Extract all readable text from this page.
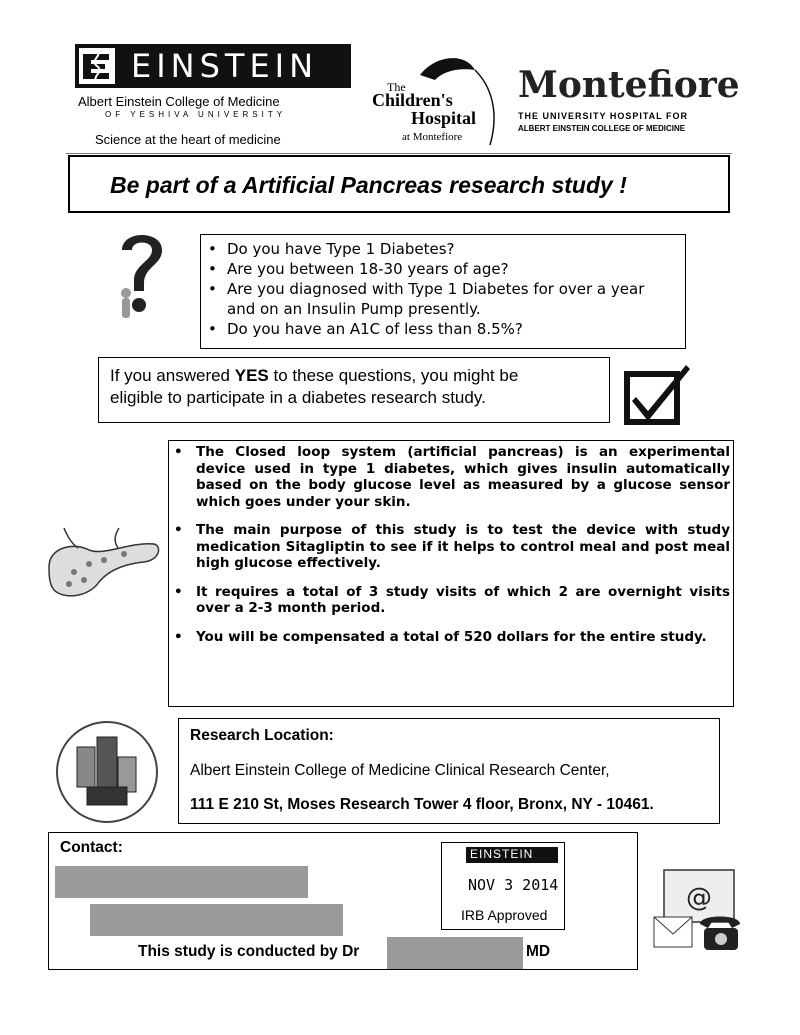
EINSTEIN
Albert Einstein College of Medicine
OF YESHIVA UNIVERSITY
Science at the heart of medicine
The
Children's
Hospital
at Montefiore
Montefiore
THE UNIVERSITY HOSPITAL FOR
ALBERT EINSTEIN COLLEGE OF MEDICINE
Be part of a Artificial Pancreas research study !
• Do you have Type 1 Diabetes?
• Are you between 18-30 years of age?
• Are you diagnosed with Type 1 Diabetes for over a year and on an Insulin Pump presently.
• Do you have an A1C of less than 8.5%?
If you answered YES to these questions, you might be
eligible to participate in a diabetes research study.
• The Closed loop system (artificial pancreas) is an experimental device used in type 1 diabetes, which gives insulin automatically based on the body glucose level as measured by a glucose sensor which goes under your skin.
• The main purpose of this study is to test the device with study medication Sitagliptin to see if it helps to control meal and post meal high glucose effectively.
• It requires a total of 3 study visits of which 2 are overnight visits over a 2-3 month period.
• You will be compensated a total of 520 dollars for the entire study.
Research Location:
Albert Einstein College of Medicine Clinical Research Center,
111 E 210 St, Moses Research Tower 4 floor, Bronx, NY - 10461.
Contact:
This study is conducted by Dr	MD
EINSTEIN
NOV 3 2014
IRB Approved
@
